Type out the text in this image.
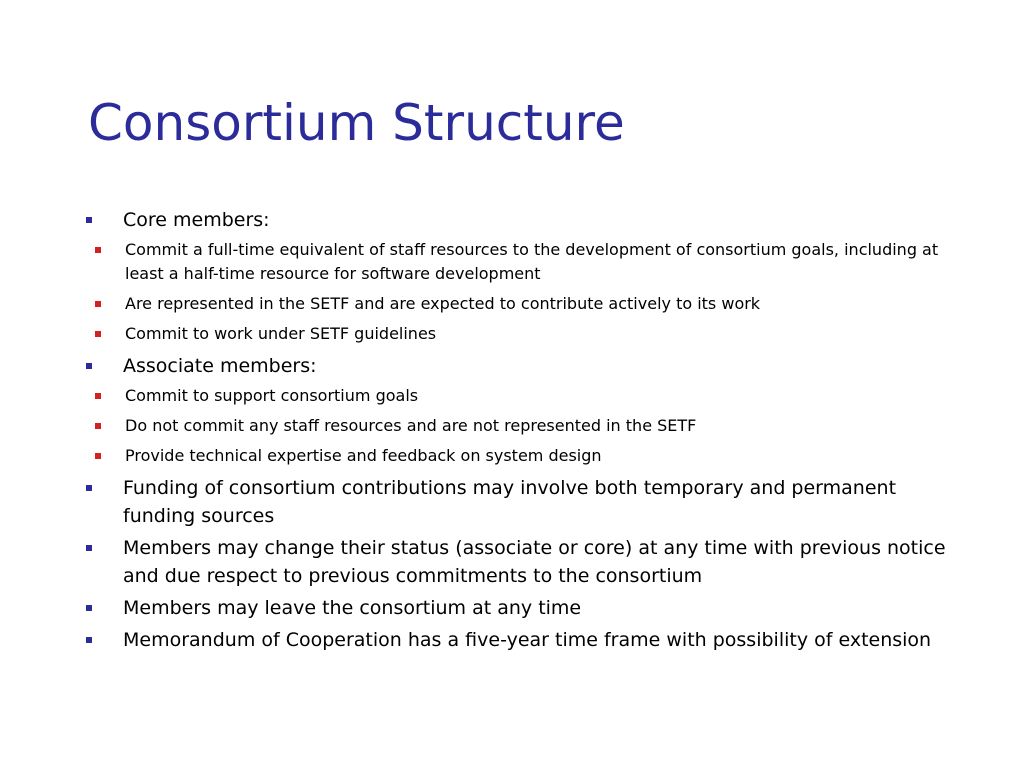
Consortium Structure
Core members:
Commit a full-time equivalent of staff resources to the development of consortium goals, including at least a half-time resource for software development
Are represented in the SETF and are expected to contribute actively to its work
Commit to work under SETF guidelines
Associate members:
Commit to support consortium goals
Do not commit any staff resources and are not represented in the SETF
Provide technical expertise and feedback on system design
Funding of consortium contributions may involve both temporary and permanent funding sources
Members may change their status (associate or core) at any time with previous notice and due respect to previous commitments to the consortium
Members may leave the consortium at any time
Memorandum of Cooperation has a five-year time frame with possibility of extension
